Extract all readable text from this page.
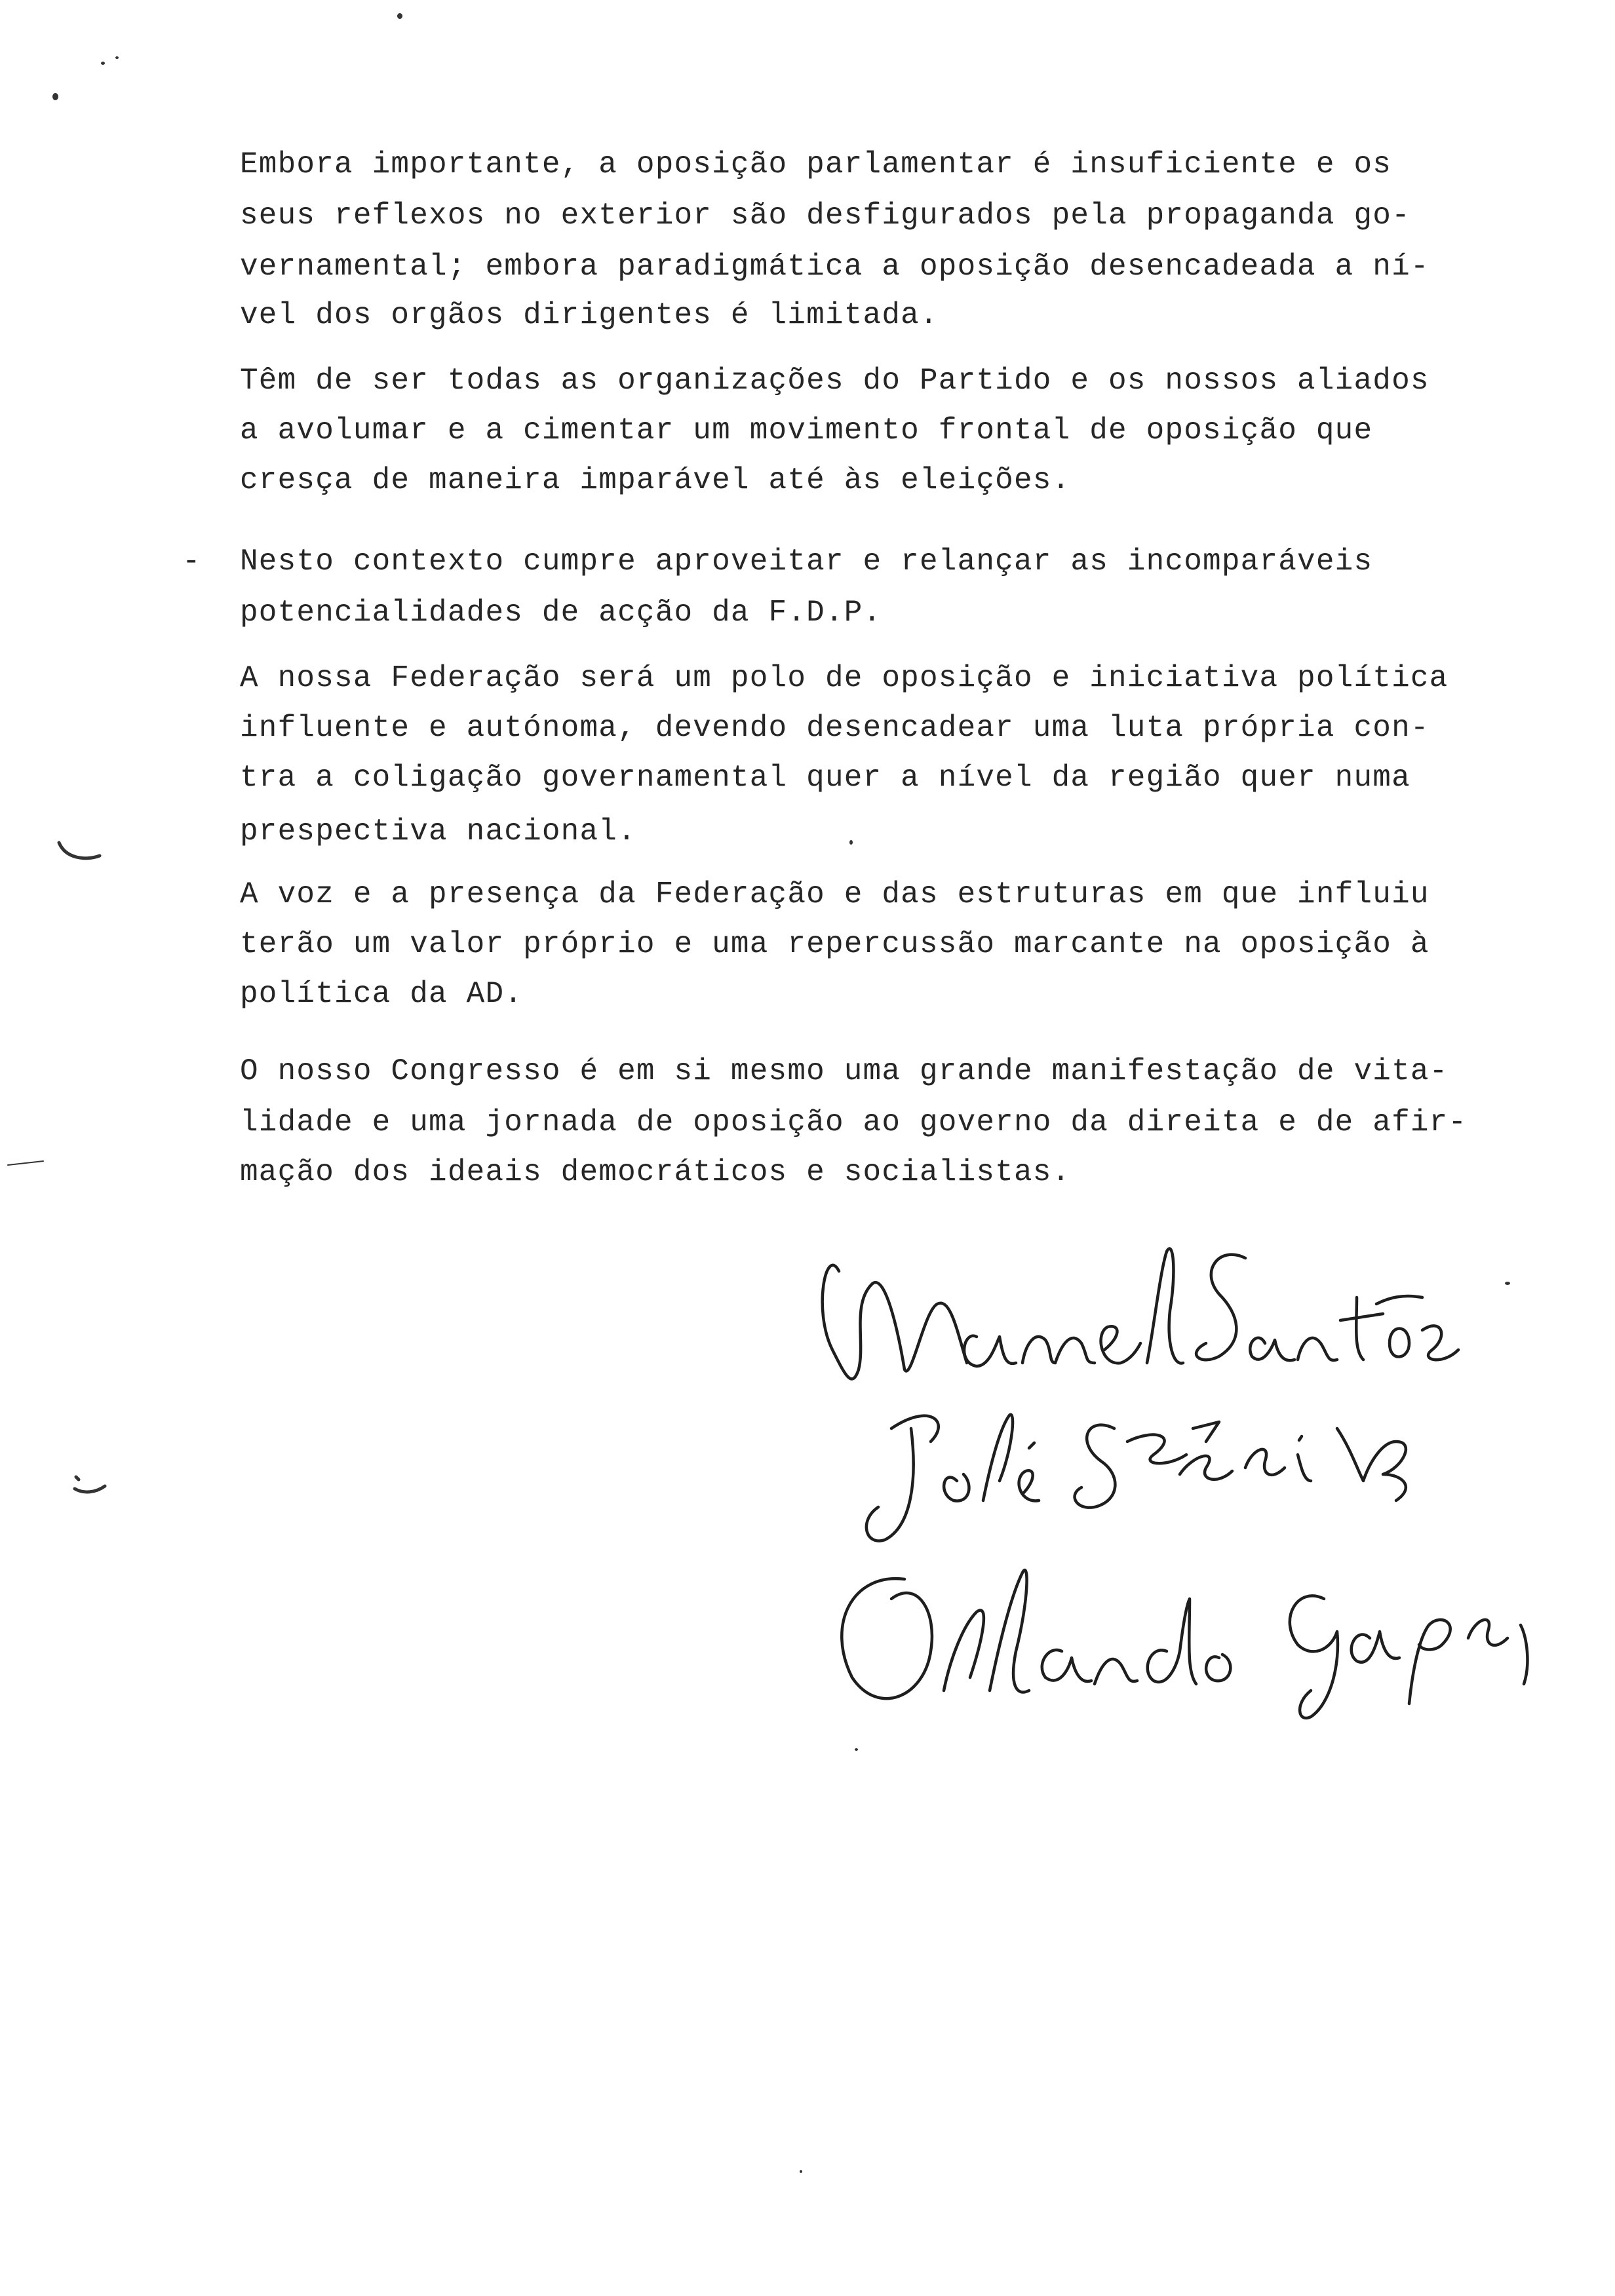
Embora importante, a oposição parlamentar é insuficiente e os
seus reflexos no exterior são desfigurados pela propaganda go-
vernamental; embora paradigmática a oposição desencadeada a ní-
vel dos orgãos dirigentes é limitada.
Têm de ser todas as organizações do Partido e os nossos aliados
a avolumar e a cimentar um movimento frontal de oposição que
cresça de maneira imparável até às eleições.
- Nesto contexto cumpre aproveitar e relançar as incomparáveis
potencialidades de acção da F.D.P.
A nossa Federação será um polo de oposição e iniciativa política
influente e autónoma, devendo desencadear uma luta própria con-
tra a coligação governamental quer a nível da região quer numa
prespectiva nacional.
A voz e a presença da Federação e das estruturas em que influiu
terão um valor próprio e uma repercussão marcante na oposição à
política da AD.
O nosso Congresso é em si mesmo uma grande manifestação de vita-
lidade e uma jornada de oposição ao governo da direita e de afir-
mação dos ideais democráticos e socialistas.
